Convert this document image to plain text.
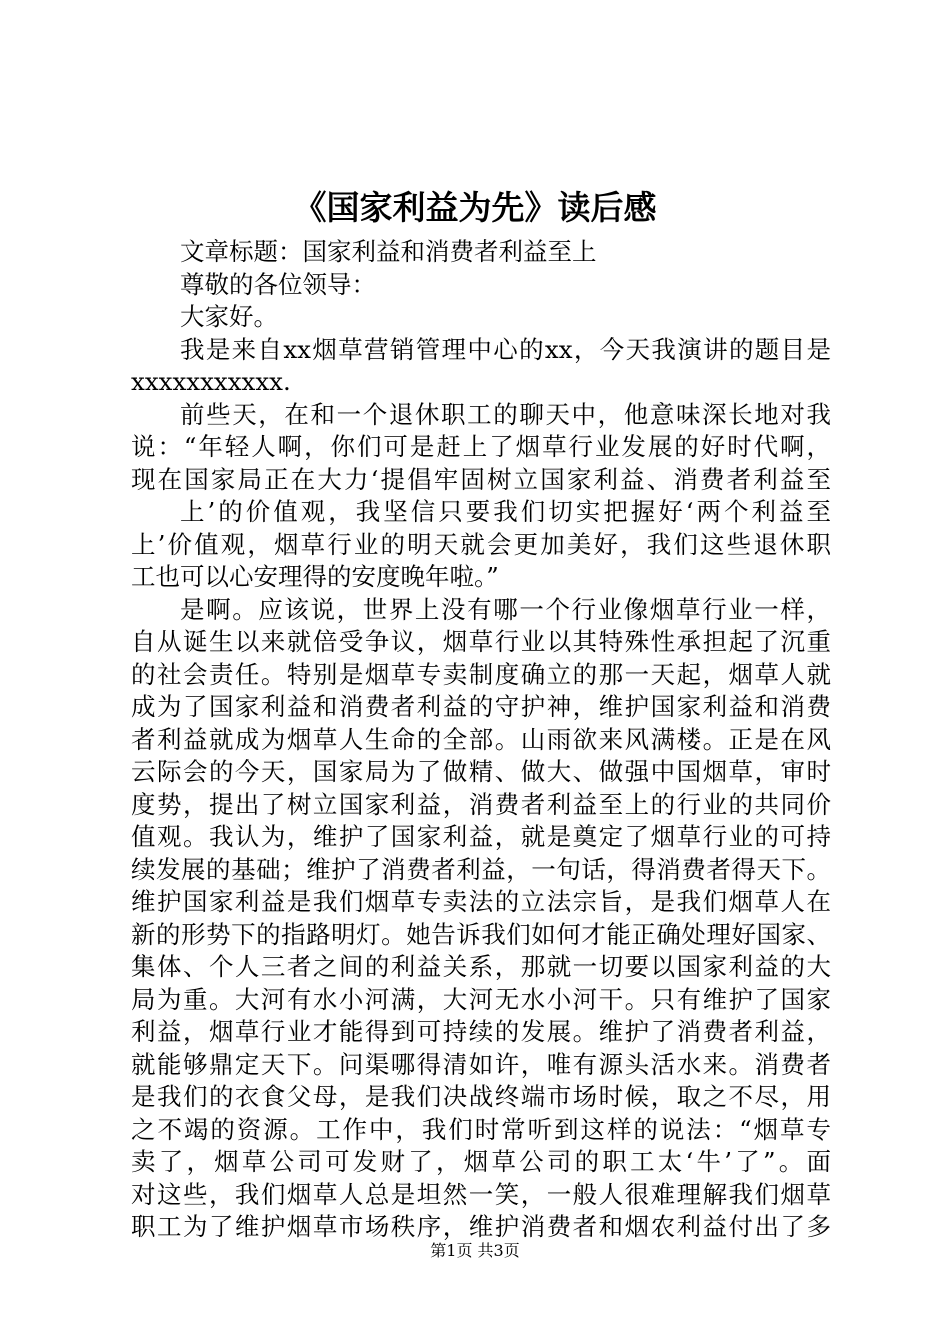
《国家利益为先》读后感
文章标题：国家利益和消费者利益至上
尊敬的各位领导：
大家好。
我是来自xx烟草营销管理中心的xx，今天我演讲的题目是
xxxxxxxxxxx.
前些天，在和一个退休职工的聊天中，他意味深长地对我
说：“年轻人啊，你们可是赶上了烟草行业发展的好时代啊，
现在国家局正在大力‘提倡牢固树立国家利益、消费者利益至
上’的价值观，我坚信只要我们切实把握好‘两个利益至
上’价值观，烟草行业的明天就会更加美好，我们这些退休职
工也可以心安理得的安度晚年啦。”
是啊。应该说，世界上没有哪一个行业像烟草行业一样，
自从诞生以来就倍受争议，烟草行业以其特殊性承担起了沉重
的社会责任。特别是烟草专卖制度确立的那一天起，烟草人就
成为了国家利益和消费者利益的守护神，维护国家利益和消费
者利益就成为烟草人生命的全部。山雨欲来风满楼。正是在风
云际会的今天，国家局为了做精、做大、做强中国烟草，审时
度势，提出了树立国家利益，消费者利益至上的行业的共同价
值观。我认为，维护了国家利益，就是奠定了烟草行业的可持
续发展的基础；维护了消费者利益，一句话，得消费者得天下。
维护国家利益是我们烟草专卖法的立法宗旨，是我们烟草人在
新的形势下的指路明灯。她告诉我们如何才能正确处理好国家、
集体、个人三者之间的利益关系，那就一切要以国家利益的大
局为重。大河有水小河满，大河无水小河干。只有维护了国家
利益，烟草行业才能得到可持续的发展。维护了消费者利益，
就能够鼎定天下。问渠哪得清如许，唯有源头活水来。消费者
是我们的衣食父母，是我们决战终端市场时候，取之不尽，用
之不竭的资源。工作中，我们时常听到这样的说法：“烟草专
卖了，烟草公司可发财了，烟草公司的职工太‘牛’了”。面
对这些，我们烟草人总是坦然一笑，一般人很难理解我们烟草
职工为了维护烟草市场秩序，维护消费者和烟农利益付出了多
第1页 共3页
